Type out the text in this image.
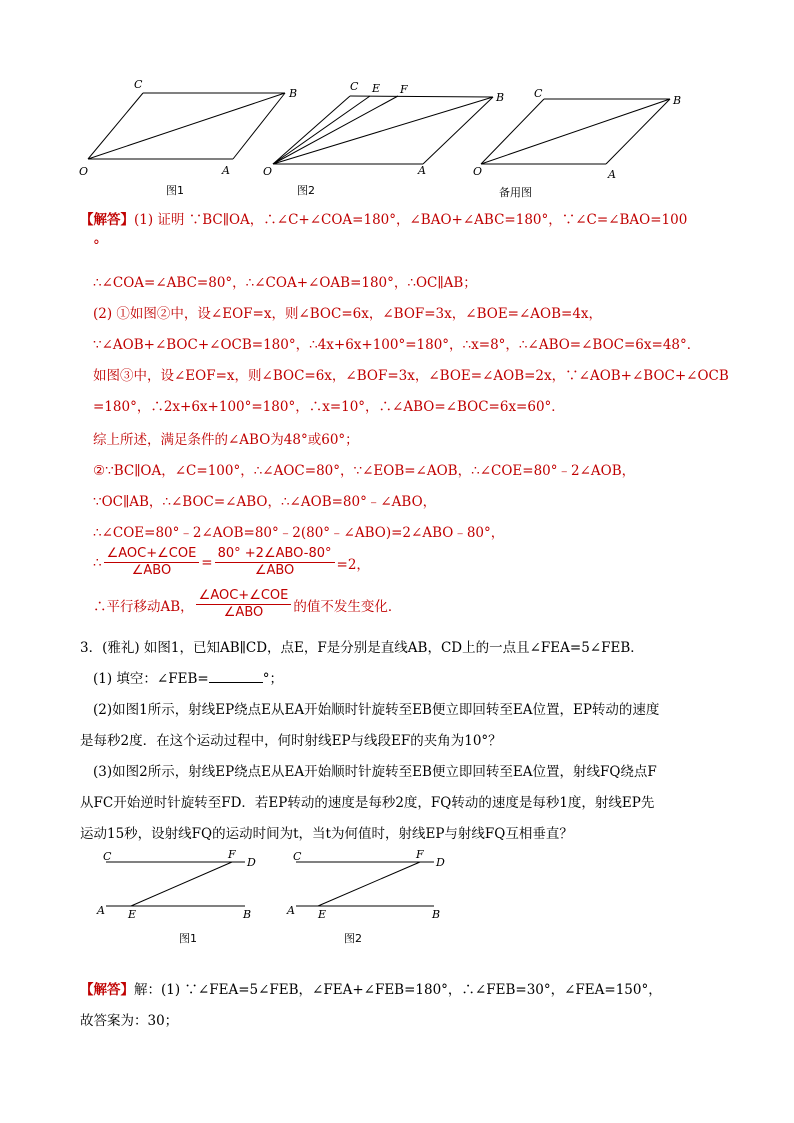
C
B
O	A
图1
C E F
B
O	A
图2
C
B
O	A
备用图
【解答】(1) 证明 ∵BC∥OA，∴∠C+∠COA=180°，∠BAO+∠ABC=180°，∵∠C=∠BAO=100
°
∴∠COA=∠ABC=80°，∴∠COA+∠OAB=180°，∴OC∥AB；
(2) ①如图②中，设∠EOF=x，则∠BOC=6x，∠BOF=3x，∠BOE=∠AOB=4x，
∵∠AOB+∠BOC+∠OCB=180°，∴4x+6x+100°=180°，∴x=8°，∴∠ABO=∠BOC=6x=48°．
如图③中，设∠EOF=x，则∠BOC=6x，∠BOF=3x，∠BOE=∠AOB=2x，∵∠AOB+∠BOC+∠OCB
=180°，∴2x+6x+100°=180°，∴x=10°，∴∠ABO=∠BOC=6x=60°．
综上所述，满足条件的∠ABO为48°或60°；
②∵BC∥OA，∠C=100°，∴∠AOC=80°，∵∠EOB=∠AOB，∴∠COE=80°﹣2∠AOB，
∵OC∥AB，∴∠BOC=∠ABO，∴∠AOB=80°﹣∠ABO，
∴∠COE=80°﹣2∠AOB=80°﹣2(80°﹣∠ABO)=2∠ABO﹣80°，
∴ $\frac{\text{∠AOC+∠COE}}{\text{∠ABO}} = \frac{\text{80° +2∠ABO-80°}}{\text{∠ABO}} =2$，
∴平行移动AB， $\frac{\text{∠AOC+∠COE}}{\text{∠ABO}}$ 的值不发生变化．
3．(雅礼) 如图1，已知AB∥CD，点E，F是分别是直线AB，CD上的一点且∠FEA=5∠FEB．
(1) 填空：∠FEB=	°；
(2)如图1所示，射线EP绕点E从EA开始顺时针旋转至EB便立即回转至EA位置，EP转动的速度
是每秒2度．在这个运动过程中，何时射线EP与线段EF的夹角为10°？
(3)如图2所示，射线EP绕点E从EA开始顺时针旋转至EB便立即回转至EA位置，射线FQ绕点F
从FC开始逆时针旋转至FD．若EP转动的速度是每秒2度，FQ转动的速度是每秒1度，射线EP先
运动15秒，设射线FQ的运动时间为t，当t为何值时，射线EP与射线FQ互相垂直？
C	F
D
A E	B
图1
C	F
D
A E	B
图2
【解答】解：(1) ∵∠FEA=5∠FEB，∠FEA+∠FEB=180°，∴∠FEB=30°，∠FEA=150°，
故答案为：30；
